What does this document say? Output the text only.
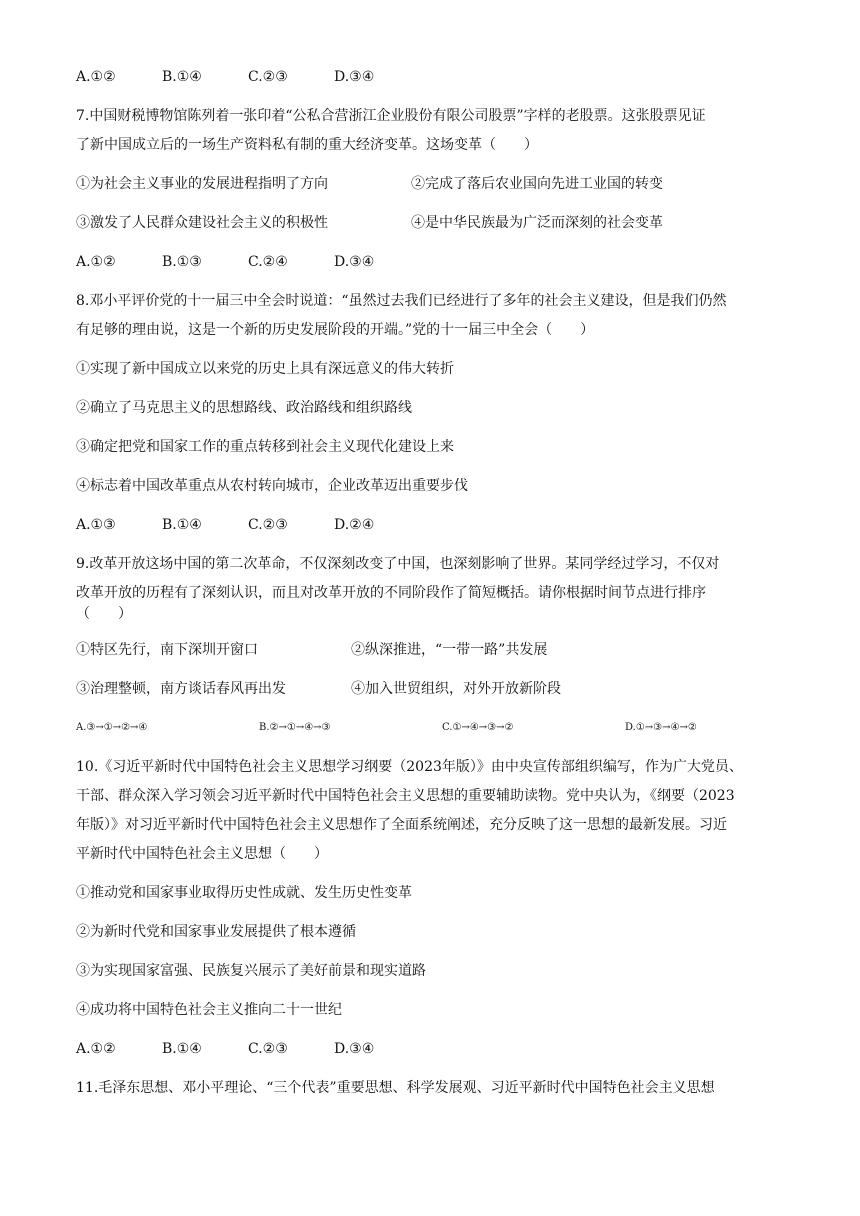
A.①②	B.①④	C.②③	D.③④
7.中国财税博物馆陈列着一张印着“公私合营浙江企业股份有限公司股票”字样的老股票。这张股票见证
了新中国成立后的一场生产资料私有制的重大经济变革。这场变革（　　）
①为社会主义事业的发展进程指明了方向	②完成了落后农业国向先进工业国的转变
③激发了人民群众建设社会主义的积极性	④是中华民族最为广泛而深刻的社会变革
A.①②	B.①③	C.②④	D.③④
8.邓小平评价党的十一届三中全会时说道：“虽然过去我们已经进行了多年的社会主义建设，但是我们仍然
有足够的理由说，这是一个新的历史发展阶段的开端。”党的十一届三中全会（　　）
①实现了新中国成立以来党的历史上具有深远意义的伟大转折
②确立了马克思主义的思想路线、政治路线和组织路线
③确定把党和国家工作的重点转移到社会主义现代化建设上来
④标志着中国改革重点从农村转向城市，企业改革迈出重要步伐
A.①③	B.①④	C.②③	D.②④
9.改革开放这场中国的第二次革命，不仅深刻改变了中国，也深刻影响了世界。某同学经过学习，不仅对
改革开放的历程有了深刻认识，而且对改革开放的不同阶段作了简短概括。请你根据时间节点进行排序
（　　）
①特区先行，南下深圳开窗口	②纵深推进，“一带一路”共发展
③治理整顿，南方谈话春风再出发	④加入世贸组织，对外开放新阶段
A.③→①→②→④	B.②→①→④→③	C.①→④→③→②	D.①→③→④→②
10.《习近平新时代中国特色社会主义思想学习纲要（2023年版）》由中央宣传部组织编写，作为广大党员、
干部、群众深入学习领会习近平新时代中国特色社会主义思想的重要辅助读物。党中央认为，《纲要（2023
年版）》对习近平新时代中国特色社会主义思想作了全面系统阐述，充分反映了这一思想的最新发展。习近
平新时代中国特色社会主义思想（　　）
①推动党和国家事业取得历史性成就、发生历史性变革
②为新时代党和国家事业发展提供了根本遵循
③为实现国家富强、民族复兴展示了美好前景和现实道路
④成功将中国特色社会主义推向二十一世纪
A.①②	B.①④	C.②③	D.③④
11.毛泽东思想、邓小平理论、“三个代表”重要思想、科学发展观、习近平新时代中国特色社会主义思想
